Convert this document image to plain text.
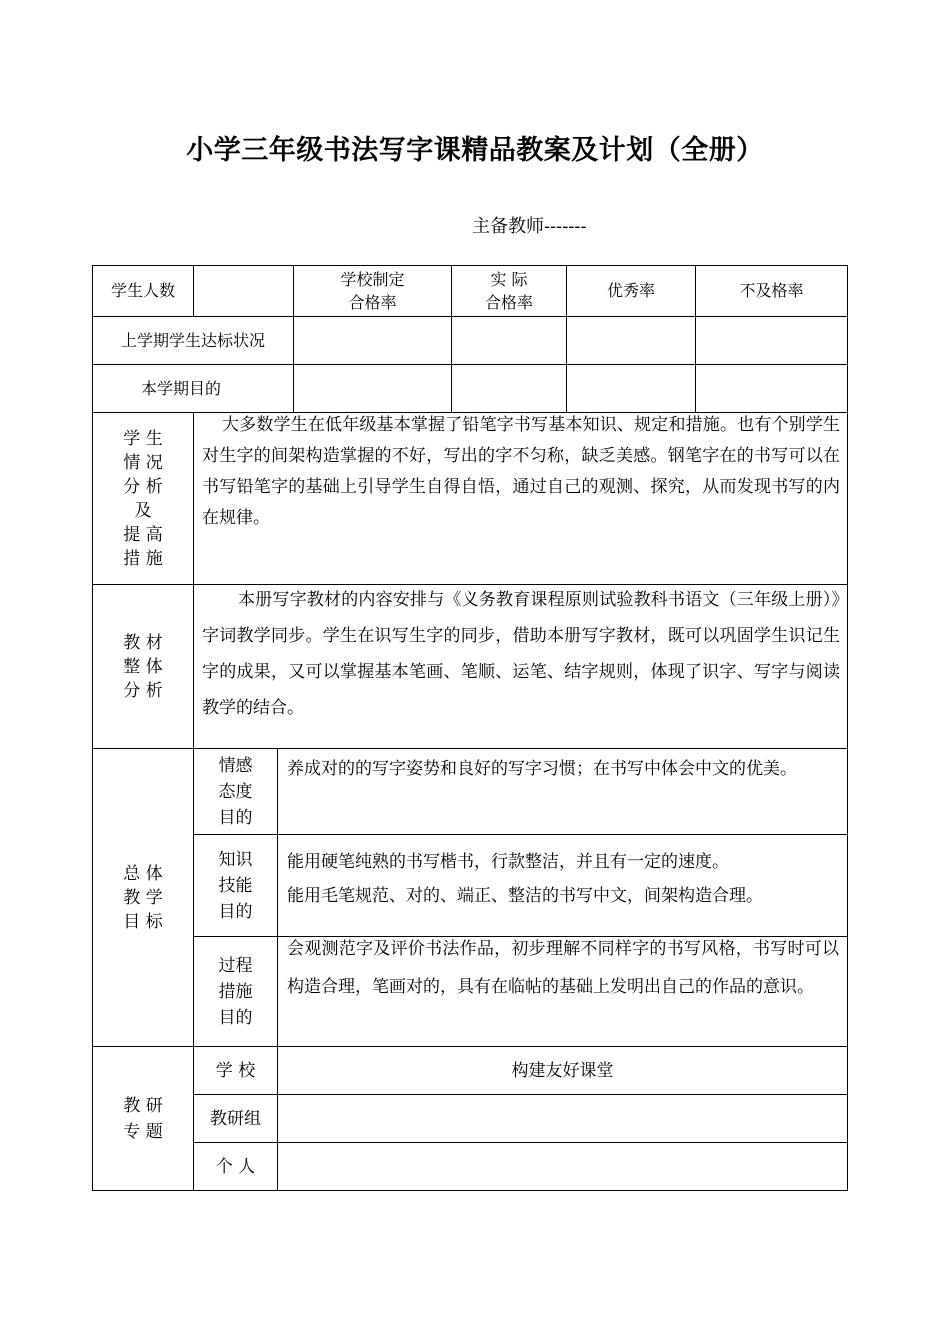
小学三年级书法写字课精品教案及计划（全册）
主备教师-------
学生人数
学校制定
合格率
实 际
合格率
优秀率	不及格率
上学期学生达标状况
本学期目的
学 生
情 况
分 析
及
提 高
措 施
大多数学生在低年级基本掌握了铅笔字书写基本知识、规定和措施。也有个别学生对生字的间架构造掌握的不好，写出的字不匀称，缺乏美感。钢笔字在的书写可以在书写铅笔字的基础上引导学生自得自悟，通过自己的观测、探究，从而发现书写的内在规律。
教 材
整 体
分 析
本册写字教材的内容安排与《义务教育课程原则试验教科书语文（三年级上册）》字词教学同步。学生在识写生字的同步，借助本册写字教材，既可以巩固学生识记生字的成果，又可以掌握基本笔画、笔顺、运笔、结字规则，体现了识字、写字与阅读教学的结合。
总 体
教 学
目 标
情感
态度
目的
养成对的的写字姿势和良好的写字习惯；在书写中体会中文的优美。
知识
技能
目的
能用硬笔纯熟的书写楷书，行款整洁，并且有一定的速度。
能用毛笔规范、对的、端正、整洁的书写中文，间架构造合理。
过程
措施
目的
会观测范字及评价书法作品，初步理解不同样字的书写风格，书写时可以构造合理，笔画对的，具有在临帖的基础上发明出自己的作品的意识。
教 研
专 题
学 校	构建友好课堂
教研组
个 人
